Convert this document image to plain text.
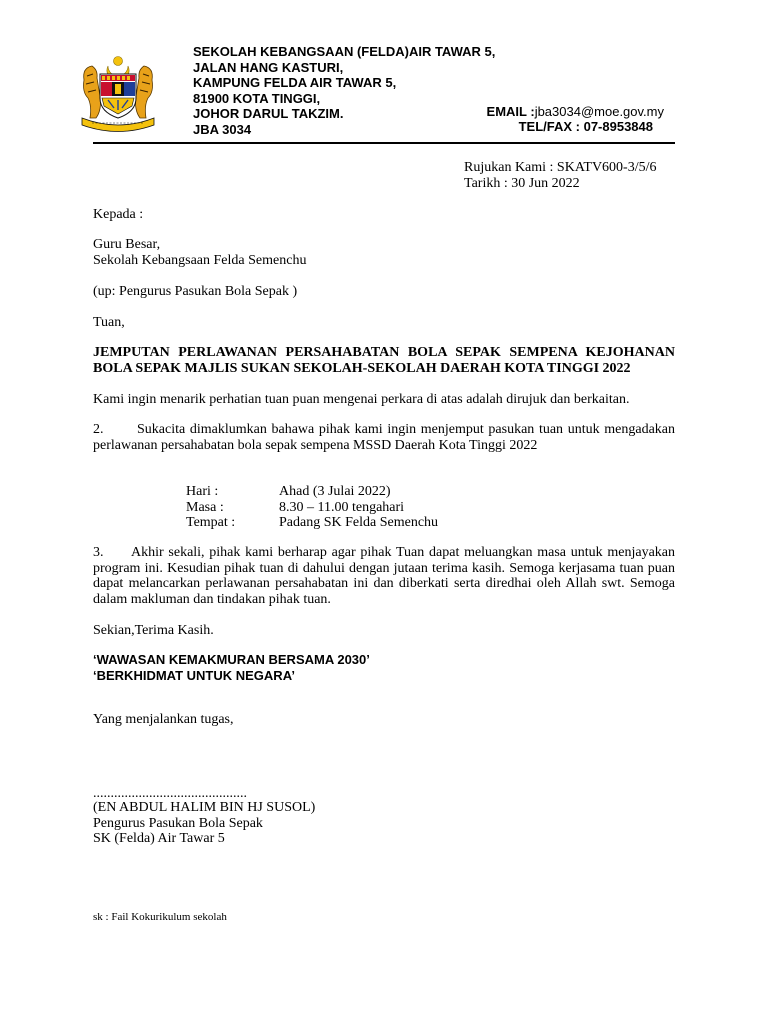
SEKOLAH KEBANGSAAN (FELDA)AIR TAWAR 5,
JALAN HANG KASTURI,
KAMPUNG FELDA AIR TAWAR 5,
81900 KOTA TINGGI,
JOHOR DARUL TAKZIM.
JBA 3034
EMAIL :jba3034@moe.gov.my
TEL/FAX : 07-8953848
Rujukan Kami : SKATV600-3/5/6
Tarikh : 30 Jun 2022
Kepada :
Guru Besar,
Sekolah Kebangsaan Felda Semenchu
(up: Pengurus Pasukan Bola Sepak )
Tuan,
JEMPUTAN PERLAWANAN PERSAHABATAN BOLA SEPAK SEMPENA KEJOHANAN BOLA SEPAK MAJLIS SUKAN SEKOLAH-SEKOLAH DAERAH KOTA TINGGI 2022
Kami ingin menarik perhatian tuan puan mengenai perkara di atas adalah dirujuk dan berkaitan.
2. Sukacita dimaklumkan bahawa pihak kami ingin menjemput pasukan tuan untuk mengadakan perlawanan persahabatan bola sepak sempena MSSD Daerah Kota Tinggi 2022
Hari :	Ahad (3 Julai 2022)
Masa :	8.30 – 11.00 tengahari
Tempat :	Padang SK Felda Semenchu
3. Akhir sekali, pihak kami berharap agar pihak Tuan dapat meluangkan masa untuk menjayakan program ini. Kesudian pihak tuan di dahului dengan jutaan terima kasih. Semoga kerjasama tuan puan dapat melancarkan perlawanan persahabatan ini dan diberkati serta diredhai oleh Allah swt. Semoga dalam makluman dan tindakan pihak tuan.
Sekian,Terima Kasih.
‘WAWASAN KEMAKMURAN BERSAMA 2030’
‘BERKHIDMAT UNTUK NEGARA’
Yang menjalankan tugas,
............................................
(EN ABDUL HALIM BIN HJ SUSOL)
Pengurus Pasukan Bola Sepak
SK (Felda) Air Tawar 5
sk : Fail Kokurikulum sekolah
